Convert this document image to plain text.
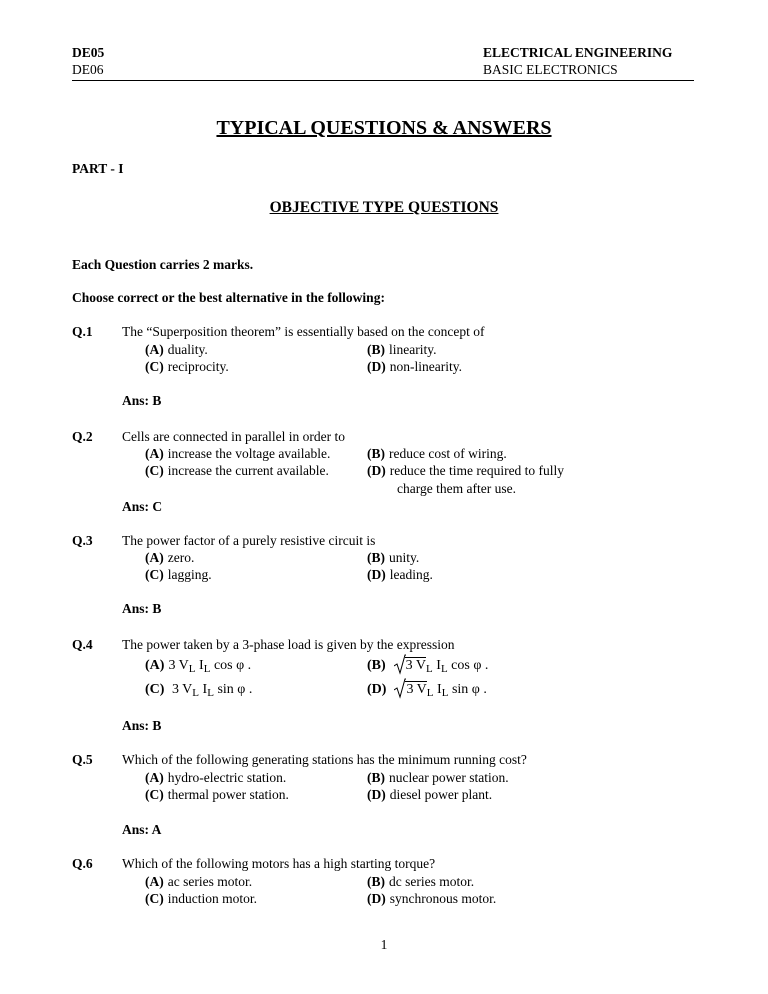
DE05
DE06
ELECTRICAL ENGINEERING
BASIC ELECTRONICS
TYPICAL QUESTIONS & ANSWERS
PART - I
OBJECTIVE TYPE QUESTIONS
Each Question carries 2 marks.
Choose correct or the best alternative in the following:
Q.1 The “Superposition theorem” is essentially based on the concept of
(A) duality.	(B) linearity.
(C) reciprocity.	(D) non-linearity.
Ans: B
Q.2 Cells are connected in parallel in order to
(A) increase the voltage available.	(B) reduce cost of wiring.
(C) increase the current available.	(D) reduce the time required to fully
charge them after use.
Ans: C
Q.3 The power factor of a purely resistive circuit is
(A) zero.	(B) unity.
(C) lagging.	(D) leading.
Ans: B
Q.4 The power taken by a 3-phase load is given by the expression
(A) 3 $V_L$ $I_L$ cos φ .	(B) 3 $V_L$ $I_L$ cos φ .
(C) 3 $V_L$ $I_L$ sin φ .	(D) 3 $V_L$ $I_L$ sin φ .
Ans: B
Q.5 Which of the following generating stations has the minimum running cost?
(A) hydro-electric station.	(B) nuclear power station.
(C) thermal power station.	(D) diesel power plant.
Ans: A
Q.6 Which of the following motors has a high starting torque?
(A) ac series motor.	(B) dc series motor.
(C) induction motor.	(D) synchronous motor.
1
